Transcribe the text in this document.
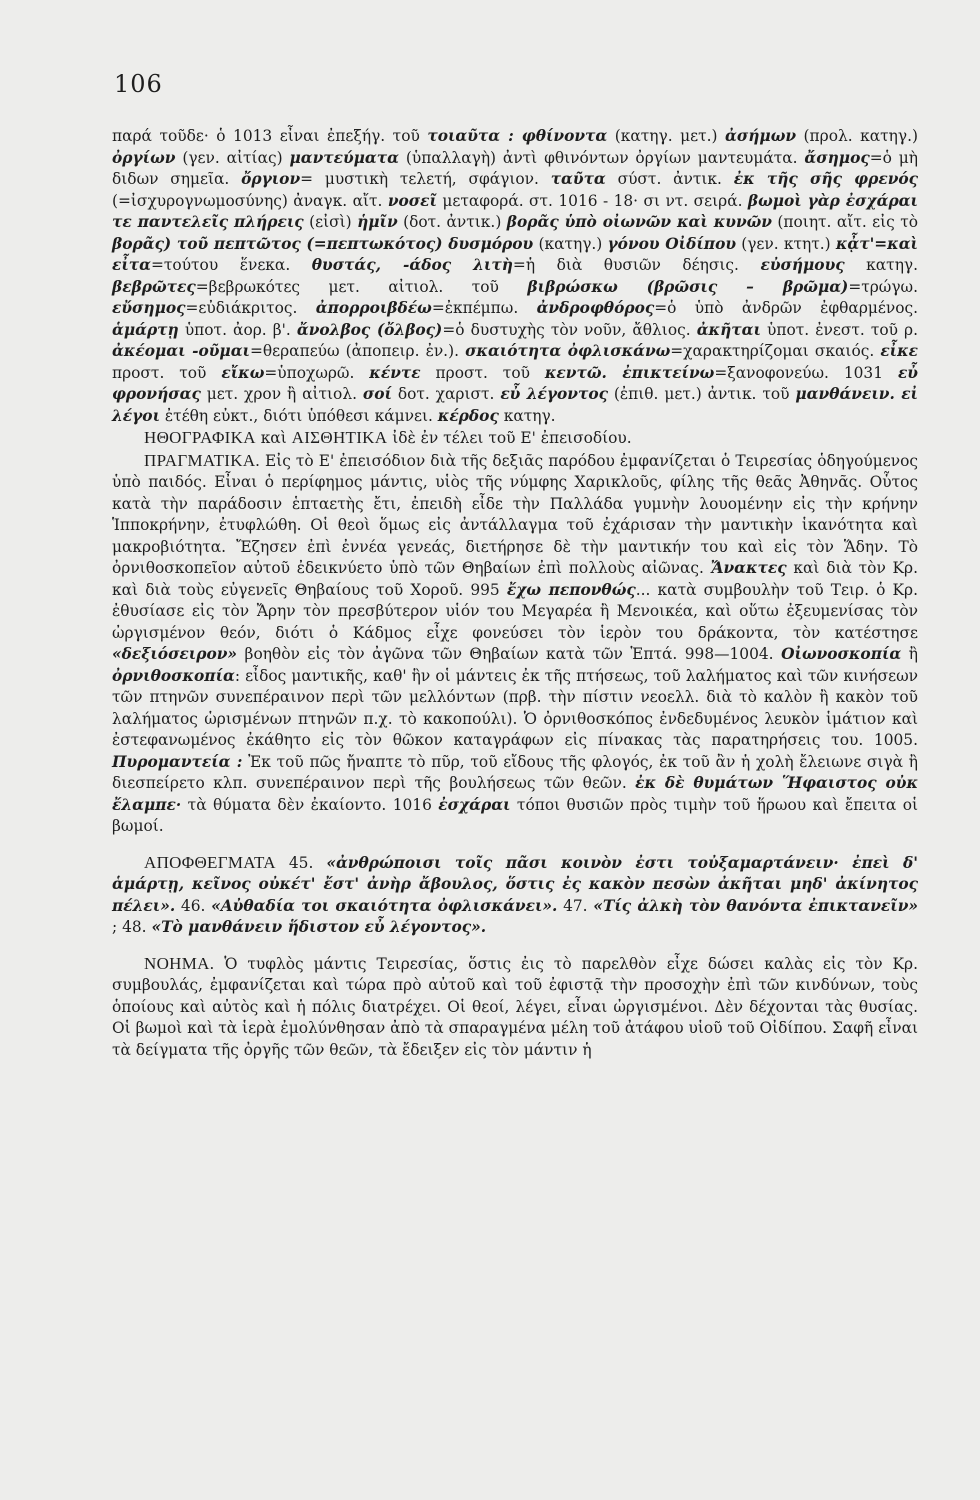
106

παρά τοῦδε· ὁ 1013 εἶναι ἐπεξήγ. τοῦ τοιαῦτα : φθίνοντα (κατηγ. μετ.) ἀσήμων (προλ. κατηγ.) ὀργίων (γεν. αἰτίας) μαντεύματα (ὑπαλλαγὴ) ἀντὶ φθινόντων ὀργίων μαντευμάτα. ἄσημος=ὁ μὴ διδων σημεῖα. ὄργιον= μυστικὴ τελετή, σφάγιον. ταῦτα σύστ. ἀντικ. ἐκ τῆς σῆς φρενός (=ἰσχυρογνωμοσύνης) ἀναγκ. αἴτ. νοσεῖ μεταφορά. στ. 1016 - 18· σι ντ. σειρά. βωμοὶ γὰρ ἐσχάραι τε παντελεῖς πλήρεις (εἰσὶ) ἡμῖν (δοτ. ἀντικ.) βορᾶς ὑπὸ οἰωνῶν καὶ κυνῶν (ποιητ. αἴτ. εἰς τὸ βορᾶς) τοῦ πεπτῶτος (=πεπτωκότος) δυσμόρου (κατηγ.) γόνου Οἰδίπου (γεν. κτητ.) κᾆτ'=καὶ εἶτα=τούτου ἕνεκα. θυστάς, -άδος λιτὴ=ἡ διὰ θυσιῶν δέησις. εὐσήμους κατηγ. βεβρῶτες=βεβρωκότες μετ. αἰτιολ. τοῦ βιβρώσκω (βρῶσις – βρῶμα)=τρώγω. εὔσημος=εὐδιάκριτος. ἀπορροιβδέω=ἐκπέμπω. ἀνδροφθόρος=ὁ ὑπὸ ἀνδρῶν ἐφθαρμένος. ἁμάρτῃ ὑποτ. ἀορ. β'. ἄνολβος (ὄλβος)=ὁ δυστυχὴς τὸν νοῦν, ἄθλιος. ἀκῆται ὑποτ. ἐνεστ. τοῦ ρ. ἀκέομαι -οῦμαι=θεραπεύω (ἀποπειρ. ἐν.). σκαιότητα ὀφλισκάνω=χαρακτηρίζομαι σκαιός. εἶκε προστ. τοῦ εἴκω=ὑποχωρῶ. κέντε προστ. τοῦ κεντῶ. ἐπικτείνω=ξανοφονεύω. 1031 εὖ φρονήσας μετ. χρον ἢ αἰτιολ. σοί δοτ. χαριστ. εὖ λέγοντος (ἐπιθ. μετ.) ἀντικ. τοῦ μανθάνειν. εἰ λέγοι ἐτέθη εὐκτ., διότι ὑπόθεσι κάμνει. κέρδος κατηγ.

ΗΘΟΓΡΑΦΙΚΑ καὶ ΑΙΣΘΗΤΙΚΑ ἰδὲ ἐν τέλει τοῦ Ε' ἐπεισοδίου.

ΠΡΑΓΜΑΤΙΚΑ. Εἰς τὸ Ε' ἐπεισόδιον διὰ τῆς δεξιᾶς παρόδου ἐμφανίζεται ὁ Τειρεσίας ὁδηγούμενος ὑπὸ παιδός. Εἶναι ὁ περίφημος μάντις, υἱὸς τῆς νύμφης Χαρικλοῦς, φίλης τῆς θεᾶς Ἀθηνᾶς. Οὗτος κατὰ τὴν παράδοσιν ἑπταετὴς ἔτι, ἐπειδὴ εἶδε τὴν Παλλάδα γυμνὴν λουομένην εἰς τὴν κρήνην Ἱπποκρήνην, ἐτυφλώθη. Οἱ θεοὶ ὅμως εἰς ἀντάλλαγμα τοῦ ἐχάρισαν τὴν μαντικὴν ἱκανότητα καὶ μακροβιότητα. Ἔζησεν ἐπὶ ἐννέα γενεάς, διετήρησε δὲ τὴν μαντικήν του καὶ εἰς τὸν Ἅδην. Τὸ ὀρνιθοσκοπεῖον αὐτοῦ ἐδεικνύετο ὑπὸ τῶν Θηβαίων ἐπὶ πολλοὺς αἰῶνας. Ἄνακτες καὶ διὰ τὸν Κρ. καὶ διὰ τοὺς εὐγενεῖς Θηβαίους τοῦ Χοροῦ. 995 ἔχω πεπονθώς... κατὰ συμβουλὴν τοῦ Τειρ. ὁ Κρ. ἐθυσίασε εἰς τὸν Ἄρην τὸν πρεσβύτερον υἱόν του Μεγαρέα ἢ Μενοικέα, καὶ οὕτω ἐξευμενίσας τὸν ὠργισμένον θεόν, διότι ὁ Κάδμος εἶχε φονεύσει τὸν ἱερὸν του δράκοντα, τὸν κατέστησε «δεξιόσειρον» βοηθὸν εἰς τὸν ἀγῶνα τῶν Θηβαίων κατὰ τῶν Ἑπτά. 998—1004. Οἰωνοσκοπία ἢ ὀρνιθοσκοπία: εἶδος μαντικῆς, καθ' ἣν οἱ μάντεις ἐκ τῆς πτήσεως, τοῦ λαλήματος καὶ τῶν κινήσεων τῶν πτηνῶν συνεπέραινον περὶ τῶν μελλόντων (πρβ. τὴν πίστιν νεοελλ. διὰ τὸ καλὸν ἢ κακὸν τοῦ λαλήματος ὡρισμένων πτηνῶν π.χ. τὸ κακοπούλι). Ὁ ὀρνιθοσκόπος ἐνδεδυμένος λευκὸν ἱμάτιον καὶ ἐστεφανωμένος ἐκάθητο εἰς τὸν θῶκον καταγράφων εἰς πίνακας τὰς παρατηρήσεις του. 1005. Πυρομαντεία : Ἐκ τοῦ πῶς ἤναπτε τὸ πῦρ, τοῦ εἴδους τῆς φλογός, ἐκ τοῦ ἂν ἡ χολὴ ἔλειωνε σιγὰ ἢ διεσπείρετο κλπ. συνεπέραινον περὶ τῆς βουλήσεως τῶν θεῶν. ἐκ δὲ θυμάτων Ἥφαιστος οὐκ ἔλαμπε· τὰ θύματα δὲν ἐκαίοντο. 1016 ἐσχάραι τόποι θυσιῶν πρὸς τιμὴν τοῦ ἥρωου καὶ ἔπειτα οἱ βωμοί.

ΑΠΟΦΘΕΓΜΑΤΑ 45. «ἀνθρώποισι τοῖς πᾶσι κοινὸν ἐστι τοὐξαμαρτάνειν· ἐπεὶ δ' ἁμάρτῃ, κεῖνος οὐκέτ' ἔστ' ἀνὴρ ἄβουλος, ὅστις ἐς κακὸν πεσὼν ἀκῆται μηδ' ἀκίνητος πέλει». 46. «Αὐθαδία τοι σκαιότητα ὀφλισκάνει». 47. «Τίς ἀλκὴ τὸν θανόντα ἐπικτανεῖν» ; 48. «Τὸ μανθάνειν ἥδιστον εὖ λέγοντος».

ΝΟΗΜΑ. Ὁ τυφλὸς μάντις Τειρεσίας, ὅστις ἐις τὸ παρελθὸν εἶχε δώσει καλὰς εἰς τὸν Κρ. συμβουλάς, ἐμφανίζεται καὶ τώρα πρὸ αὐτοῦ καὶ τοῦ ἐφιστᾷ τὴν προσοχὴν ἐπὶ τῶν κινδύνων, τοὺς ὁποίους καὶ αὐτὸς καὶ ἡ πόλις διατρέχει. Οἱ θεοί, λέγει, εἶναι ὠργισμένοι. Δὲν δέχονται τὰς θυσίας. Οἱ βωμοὶ καὶ τὰ ἱερὰ ἐμολύνθησαν ἀπὸ τὰ σπαραγμένα μέλη τοῦ ἀτάφου υἱοῦ τοῦ Οἰδίπου. Σαφῆ εἶναι τὰ δείγματα τῆς ὀργῆς τῶν θεῶν, τὰ ἔδειξεν εἰς τὸν μάντιν ἡ
